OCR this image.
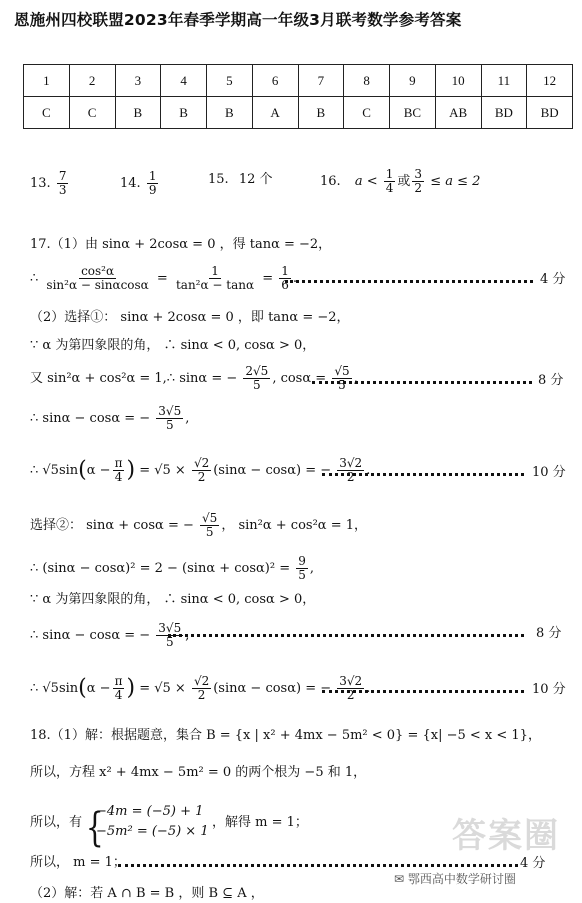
恩施州四校联盟2023年春季学期高一年级3月联考数学参考答案
1	2	3	4	5	6	7	8	9	10	11	12
C	C	B	B	B	A	B	C	BC	AB	BD	BD
13. $\frac{7}{3}$	14. $\frac{1}{9}$	15. 12 个	16. $a < \frac{1}{4}$ 或 $\frac{3}{2} \le a \le 2$
17.（1）由 sinα + 2cosα = 0 ，得 tanα = −2，
∴ $\frac{\text{cos²α}}{\text{sin²α − sinαcosα}} = \frac{1}{\text{tan²α − tanα}} = \frac{1}{6}$ .	4 分
（2）选择①： sinα + 2cosα = 0 ，即 tanα = −2，
∵ α 为第四象限的角， ∴ sinα < 0, cosα > 0，
又 sin²α + cos²α = 1,∴ sinα = − $\frac{2√5}{5}$ , $\cos\alpha = \frac{√5}{5}$ ,	8 分
∴ sinα − cosα = − $\frac{3√5}{5}$ ,
∴ $√5\sin(\alpha - \frac{\pi}{4}$ ) = $√5 \times \frac{√2}{2} (\sin\alpha - \cos\alpha)$ = − $\frac{3√2}{2}$ .	10 分
选择②： sinα + cosα = − $\frac{√5}{5}$ ， sin²α + cos²α = 1，
∴ $(\sin\alpha - \cos\alpha)^2 = 2 - (\sin\alpha + \cos\alpha)^2 = \frac{9}{5}$ ,
∵ α 为第四象限的角， ∴ sinα < 0, cosα > 0，
∴ sinα − cosα = − $\frac{3√5}{5}$ ,	8 分
∴ $√5\sin(\alpha - \frac{\pi}{4}$ ) = $√5 \times \frac{√2}{2} (\sin\alpha - \cos\alpha)$ = − $\frac{3√2}{2}$ .	10 分
18.（1）解：根据题意，集合 B = {x | x² + 4mx − 5m² < 0} = {x| −5 < x < 1}，
所以，方程 x² + 4mx − 5m² = 0 的两个根为 −5 和 1，
所以，有 {
−4m = (−5) + 1
−5m² = (−5) × 1
，解得 m = 1；
所以， m = 1；	4 分
（2）解：若 A ∩ B = B ，则 B ⊆ A ，
答案圈
✉ 鄂西高中数学研讨圈
